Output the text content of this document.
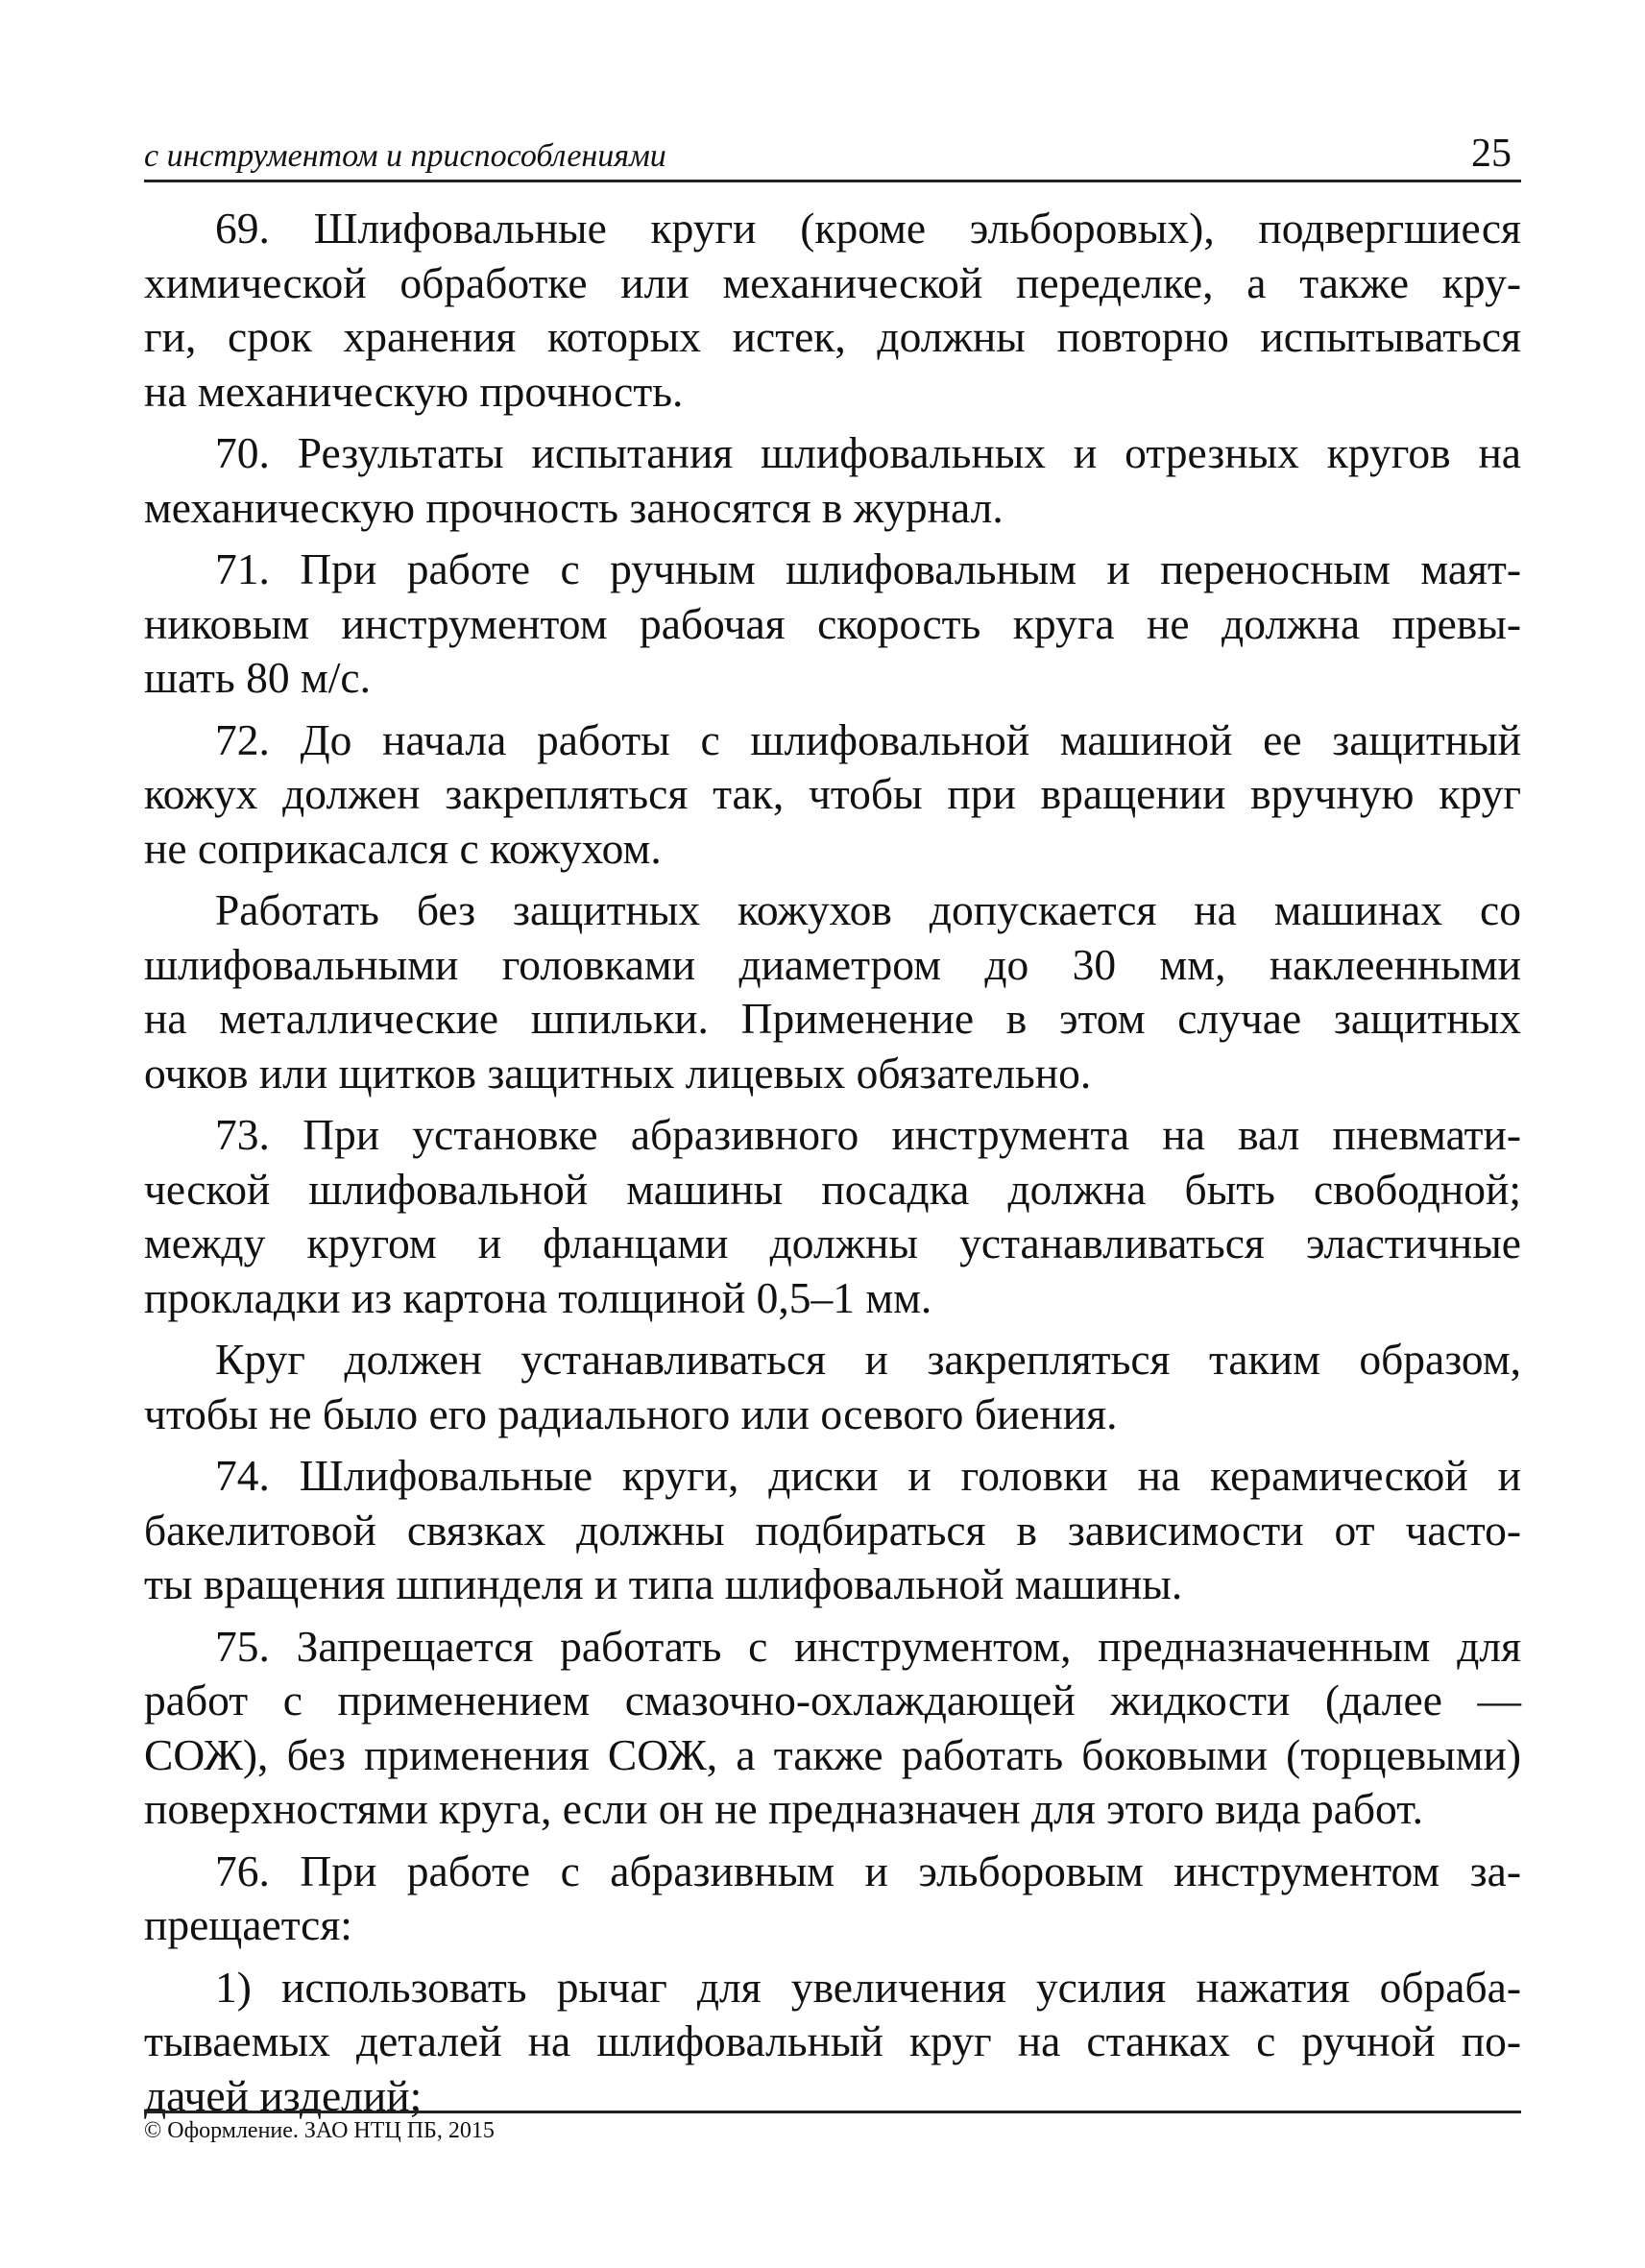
с инструментом и приспособлениями	25
69. Шлифовальные круги (кроме эльборовых), подвергшиеся
химической обработке или механической переделке, а также кру-
ги, срок хранения которых истек, должны повторно испытываться
на механическую прочность.
70. Результаты испытания шлифовальных и отрезных кругов на
механическую прочность заносятся в журнал.
71. При работе с ручным шлифовальным и переносным маят-
никовым инструментом рабочая скорость круга не должна превы-
шать 80 м/с.
72. До начала работы с шлифовальной машиной ее защитный
кожух должен закрепляться так, чтобы при вращении вручную круг
не соприкасался с кожухом.
Работать без защитных кожухов допускается на машинах со
шлифовальными головками диаметром до 30 мм, наклеенными
на металлические шпильки. Применение в этом случае защитных
очков или щитков защитных лицевых обязательно.
73. При установке абразивного инструмента на вал пневмати-
ческой шлифовальной машины посадка должна быть свободной;
между кругом и фланцами должны устанавливаться эластичные
прокладки из картона толщиной 0,5–1 мм.
Круг должен устанавливаться и закрепляться таким образом,
чтобы не было его радиального или осевого биения.
74. Шлифовальные круги, диски и головки на керамической и
бакелитовой связках должны подбираться в зависимости от часто-
ты вращения шпинделя и типа шлифовальной машины.
75. Запрещается работать с инструментом, предназначенным для
работ с применением смазочно-охлаждающей жидкости (далее —
СОЖ), без применения СОЖ, а также работать боковыми (торцевыми)
поверхностями круга, если он не предназначен для этого вида работ.
76. При работе с абразивным и эльборовым инструментом за-
прещается:
1) использовать рычаг для увеличения усилия нажатия обраба-
тываемых деталей на шлифовальный круг на станках с ручной по-
дачей изделий;
© Оформление. ЗАО НТЦ ПБ, 2015
